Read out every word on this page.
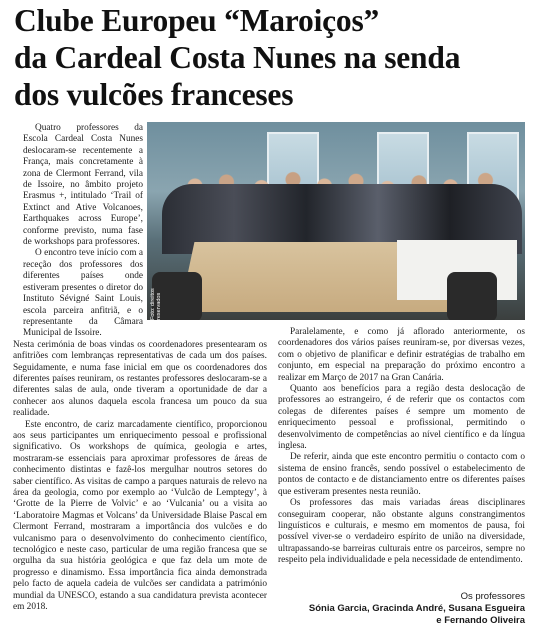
Clube Europeu “Maroiços”
da Cardeal Costa Nunes na senda
dos vulcões franceses
Foto: direitos reservados

Quatro professores da Escola Cardeal Costa Nunes deslocaram-se recentemente a França, mais concretamente à zona de Clermont Ferrand, vila de Issoire, no âmbito projeto Erasmus +, intitulado ‘Trail of Extinct and Ative Volcanoes, Earthquakes across Europe’, conforme previsto, numa fase de workshops para professores.

O encontro teve início com a receção dos professores dos diferentes países onde estiveram presentes o diretor do Instituto Sévigné Saint Louis, escola parceira anfitriã, e o representante da Câmara Municipal de Issoire.

Nesta cerimónia de boas vindas os coordenadores presentearam os anfitriões com lembranças representativas de cada um dos países. Seguidamente, e numa fase inicial em que os coordenadores dos diferentes países reuniram, os restantes professores deslocaram-se a diferentes salas de aula, onde tiveram a oportunidade de dar a conhecer aos alunos daquela escola francesa um pouco da sua realidade.

Este encontro, de cariz marcadamente científico, proporcionou aos seus participantes um enriquecimento pessoal e profissional significativo. Os workshops de química, geologia e artes, mostraram-se essenciais para aproximar professores de áreas de conhecimento distintas e fazê-los mergulhar noutros setores do saber científico. As visitas de campo a parques naturais de relevo na área da geologia, como por exemplo ao ‘Vulcão de Lemptegy’, à ‘Grotte de la Pierre de Volvic’ e ao ‘Vulcania’ ou a visita ao ‘Laboratoire Magmas et Volcans’ da Universidade Blaise Pascal em Clermont Ferrand, mostraram a importância dos vulcões e do vulcanismo para o desenvolvimento do conhecimento científico, tecnológico e neste caso, particular de uma região francesa que se orgulha da sua história geológica e que faz dela um mote de progresso e dinamismo. Essa importância fica ainda demonstrada pelo facto de aquela cadeia de vulcões ser candidata a património mundial da UNESCO, estando a sua candidatura prevista acontecer em 2018.

Paralelamente, e como já aflorado anteriormente, os coordenadores dos vários países reuniram-se, por diversas vezes, com o objetivo de planificar e definir estratégias de trabalho em conjunto, em especial na preparação do próximo encontro a realizar em Março de 2017 na Gran Canária.

Quanto aos benefícios para a região desta deslocação de professores ao estrangeiro, é de referir que os contactos com colegas de diferentes países é sempre um momento de enriquecimento pessoal e profissional, permitindo o desenvolvimento de competências ao nível científico e da língua inglesa.

De referir, ainda que este encontro permitiu o contacto com o sistema de ensino francês, sendo possível o estabelecimento de pontos de contacto e de distanciamento entre os diferentes países que estiveram presentes nesta reunião.

Os professores das mais variadas áreas disciplinares conseguiram cooperar, não obstante alguns constrangimentos linguísticos e culturais, e mesmo em momentos de pausa, foi possível viver-se o verdadeiro espírito de união na diversidade, ultrapassando-se barreiras culturais entre os parceiros, sempre no respeito pela individualidade e pela necessidade de entendimento.

Os professores
Sónia Garcia, Gracinda André, Susana Esgueira
e Fernando Oliveira
